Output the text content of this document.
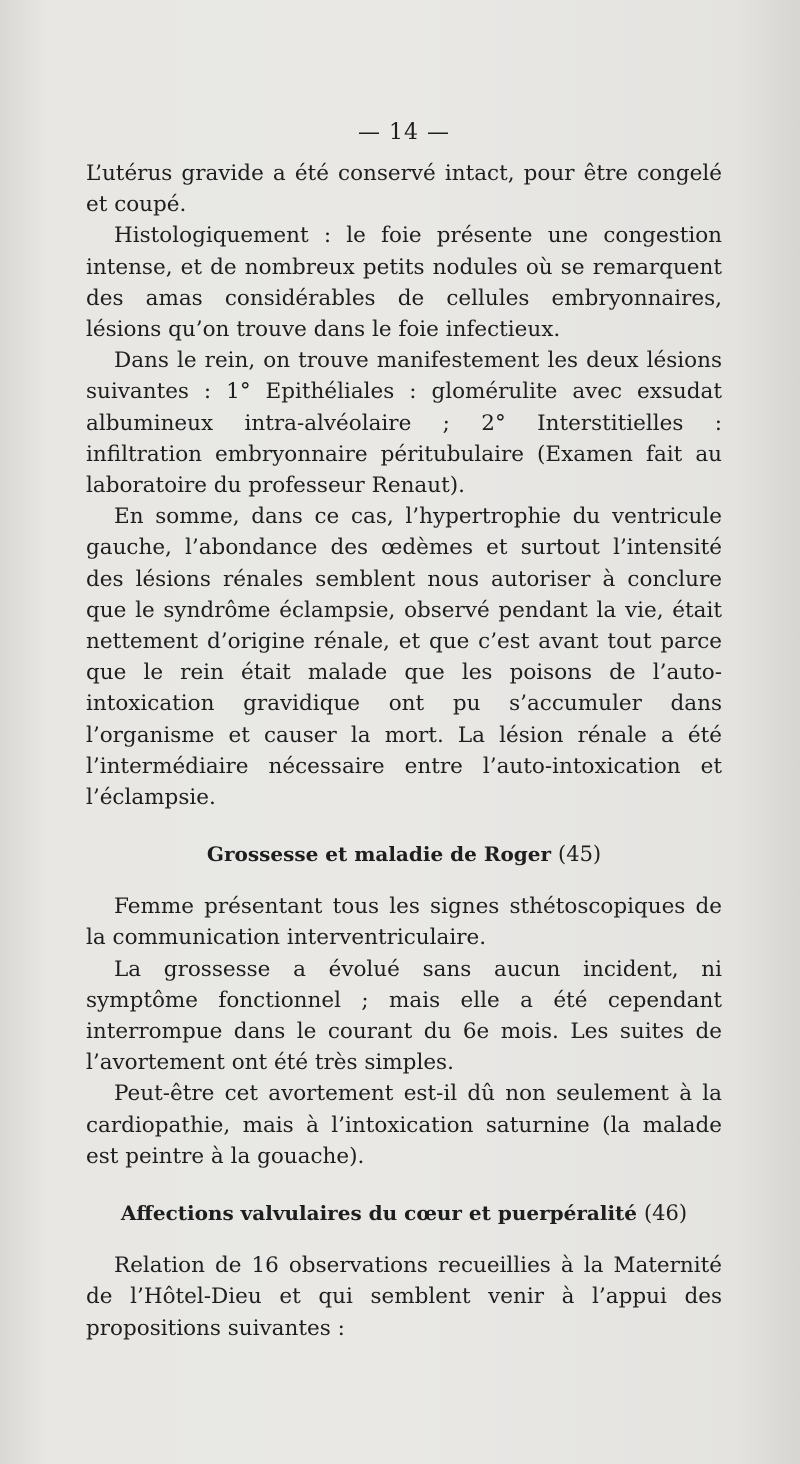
— 14 —

L’utérus gravide a été conservé intact, pour être congelé et coupé.

Histologiquement : le foie présente une congestion intense, et de nombreux petits nodules où se remarquent des amas considérables de cellules embryonnaires, lésions qu’on trouve dans le foie infectieux.

Dans le rein, on trouve manifestement les deux lésions suivantes : 1° Epithéliales : glomérulite avec exsudat albumineux intra-alvéolaire ; 2° Interstitielles : infiltration embryonnaire péritubulaire (Examen fait au laboratoire du professeur Renaut).

En somme, dans ce cas, l’hypertrophie du ventricule gauche, l’abondance des œdèmes et surtout l’intensité des lésions rénales semblent nous autoriser à conclure que le syndrôme éclampsie, observé pendant la vie, était nettement d’origine rénale, et que c’est avant tout parce que le rein était malade que les poisons de l’auto-intoxication gravidique ont pu s’accumuler dans l’organisme et causer la mort. La lésion rénale a été l’intermédiaire nécessaire entre l’auto-intoxication et l’éclampsie.

Grossesse et maladie de Roger (45)

Femme présentant tous les signes sthétoscopiques de la communication interventriculaire.

La grossesse a évolué sans aucun incident, ni symptôme fonctionnel ; mais elle a été cependant interrompue dans le courant du 6e mois. Les suites de l’avortement ont été très simples.

Peut-être cet avortement est-il dû non seulement à la cardiopathie, mais à l’intoxication saturnine (la malade est peintre à la gouache).

Affections valvulaires du cœur et puerpéralité (46)

Relation de 16 observations recueillies à la Maternité de l’Hôtel-Dieu et qui semblent venir à l’appui des propositions suivantes :
